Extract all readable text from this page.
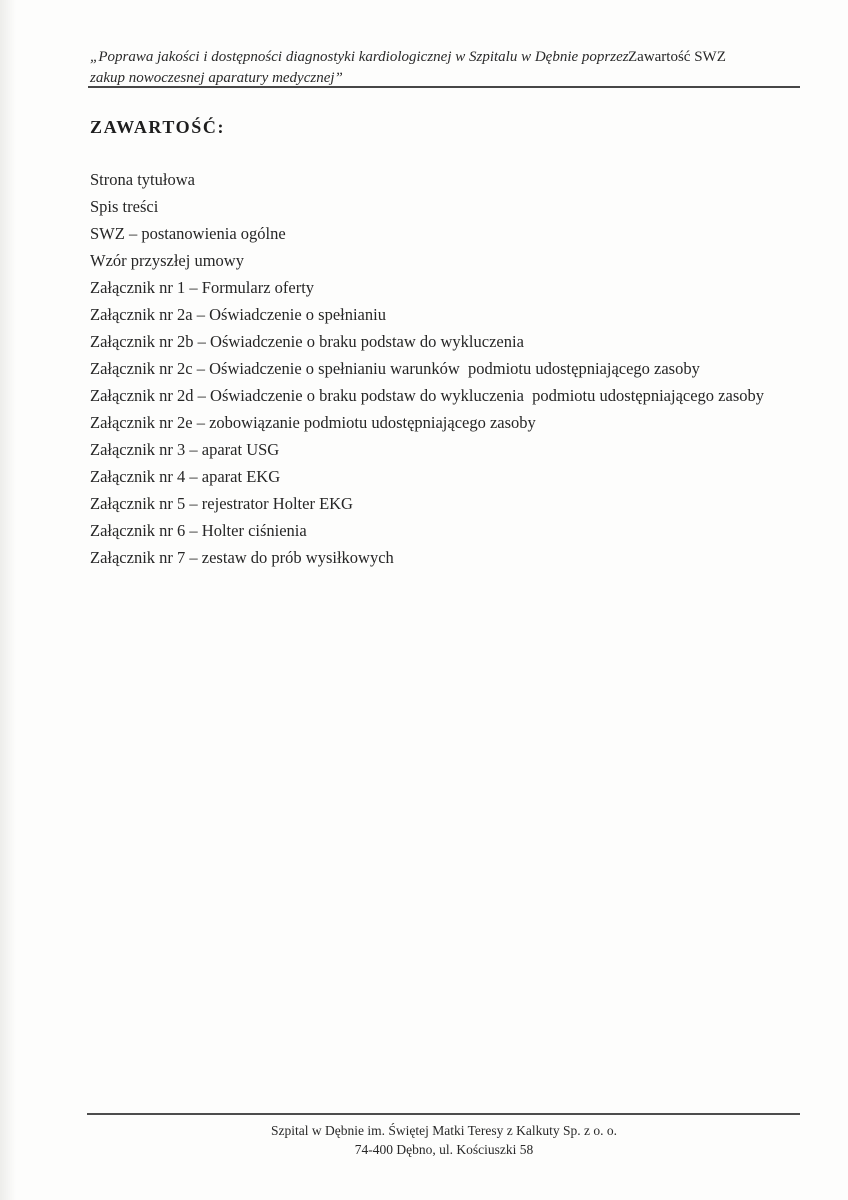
„Poprawa jakości i dostępności diagnostyki kardiologicznej w Szpitalu w Dębnie poprzez
zakup nowoczesnej aparatury medycznej”
Zawartość SWZ
ZAWARTOŚĆ:
Strona tytułowa
Spis treści
SWZ – postanowienia ogólne
Wzór przyszłej umowy
Załącznik nr 1 – Formularz oferty
Załącznik nr 2a – Oświadczenie o spełnianiu
Załącznik nr 2b – Oświadczenie o braku podstaw do wykluczenia
Załącznik nr 2c – Oświadczenie o spełnianiu warunków  podmiotu udostępniającego zasoby
Załącznik nr 2d – Oświadczenie o braku podstaw do wykluczenia  podmiotu udostępniającego zasoby
Załącznik nr 2e – zobowiązanie podmiotu udostępniającego zasoby
Załącznik nr 3 – aparat USG
Załącznik nr 4 – aparat EKG
Załącznik nr 5 – rejestrator Holter EKG
Załącznik nr 6 – Holter ciśnienia
Załącznik nr 7 – zestaw do prób wysiłkowych
Szpital w Dębnie im. Świętej Matki Teresy z Kalkuty Sp. z o. o.
74-400 Dębno, ul. Kościuszki 58
